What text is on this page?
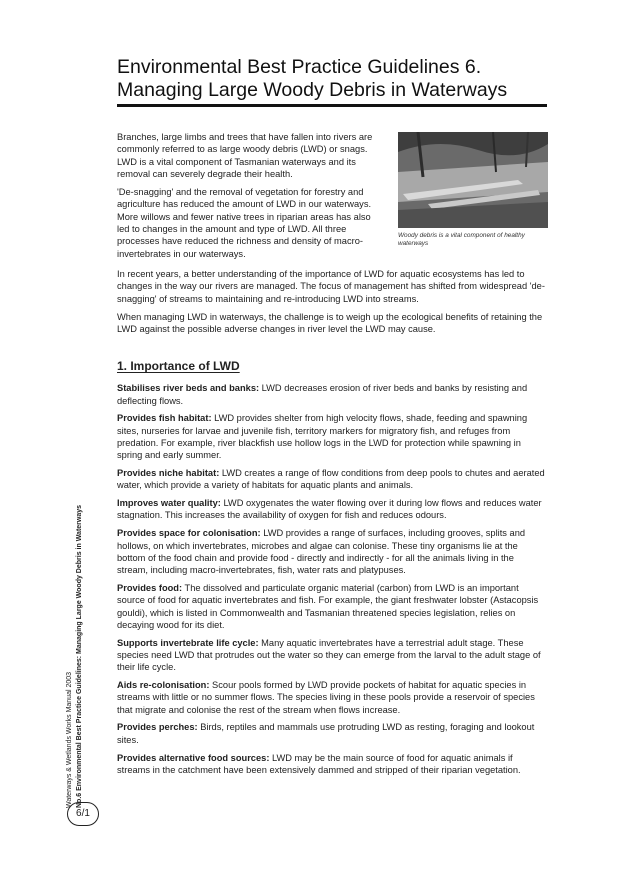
Environmental Best Practice Guidelines 6.
Managing Large Woody Debris in Waterways

Branches, large limbs and trees that have fallen into rivers are commonly referred to as large woody debris (LWD) or snags. LWD is a vital component of Tasmanian waterways and its removal can severely degrade their health.

'De-snagging' and the removal of vegetation for forestry and agriculture has reduced the amount of LWD in our waterways. More willows and fewer native trees in riparian areas has also led to changes in the amount and type of LWD. All three processes have reduced the richness and density of macro-invertebrates in our waterways.

Woody debris is a vital component of healthy waterways

In recent years, a better understanding of the importance of LWD for aquatic ecosystems has led to changes in the way our rivers are managed. The focus of management has shifted from widespread 'de-snagging' of streams to maintaining and re-introducing LWD into streams.

When managing LWD in waterways, the challenge is to weigh up the ecological benefits of retaining the LWD against the possible adverse changes in river level the LWD may cause.

1. Importance of LWD

Stabilises river beds and banks: LWD decreases erosion of river beds and banks by resisting and deflecting flows.

Provides fish habitat: LWD provides shelter from high velocity flows, shade, feeding and spawning sites, nurseries for larvae and juvenile fish, territory markers for migratory fish, and refuges from predation. For example, river blackfish use hollow logs in the LWD for protection while spawning in spring and early summer.

Provides niche habitat: LWD creates a range of flow conditions from deep pools to chutes and aerated water, which provide a variety of habitats for aquatic plants and animals.

Improves water quality: LWD oxygenates the water flowing over it during low flows and reduces water stagnation. This increases the availability of oxygen for fish and reduces odours.

Provides space for colonisation: LWD provides a range of surfaces, including grooves, splits and hollows, on which invertebrates, microbes and algae can colonise. These tiny organisms lie at the bottom of the food chain and provide food - directly and indirectly - for all the animals living in the stream, including macro-invertebrates, fish, water rats and platypuses.

Provides food: The dissolved and particulate organic material (carbon) from LWD is an important source of food for aquatic invertebrates and fish. For example, the giant freshwater lobster (Astacopsis gouldi), which is listed in Commonwealth and Tasmanian threatened species legislation, relies on decaying wood for its diet.

Supports invertebrate life cycle: Many aquatic invertebrates have a terrestrial adult stage. These species need LWD that protrudes out the water so they can emerge from the larval to the adult stage of their life cycle.

Aids re-colonisation: Scour pools formed by LWD provide pockets of habitat for aquatic species in streams with little or no summer flows. The species living in these pools provide a reservoir of species that migrate and colonise the rest of the stream when flows increase.

Provides perches: Birds, reptiles and mammals use protruding LWD as resting, foraging and lookout sites.

Provides alternative food sources: LWD may be the main source of food for aquatic animals if streams in the catchment have been extensively dammed and stripped of their riparian vegetation.

Waterways & Wetlands Works Manual 2003 No.6 Environmental Best Practice Guidelines: Managing Large Woody Debris in Waterways
6/1
